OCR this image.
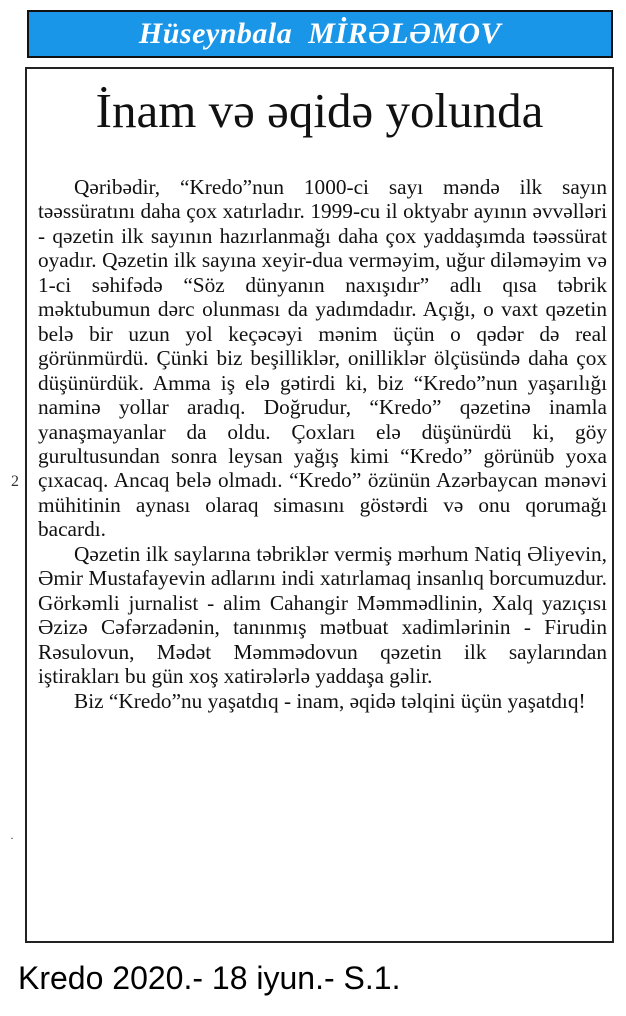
Hüseynbala  MİRƏLƏMOV
İnam və əqidə yolunda

Qəribədir, “Kredo”nun 1000-ci sayı məndə ilk sayın təəssüratını daha çox xatırladır. 1999-cu il oktyabr ayının əvvəlləri - qəzetin ilk sayının hazırlanmağı daha çox yaddaşımda təəssürat oyadır. Qəzetin ilk sayına xeyir-dua verməyim, uğur diləməyim və 1-ci səhifədə “Söz dünyanın naxışıdır” adlı qısa təbrik məktubumun dərc olunması da yadımdadır. Açığı, o vaxt qəzetin belə bir uzun yol keçəcəyi mənim üçün o qədər də real görünmürdü. Çünki biz beşilliklər, onilliklər ölçüsündə daha çox düşünürdük. Amma iş elə gətirdi ki, biz “Kredo”nun yaşarılığı naminə yollar aradıq. Doğrudur, “Kredo” qəzetinə inamla yanaşmayanlar da oldu. Çoxları elə düşünürdü ki, göy gurultusundan sonra leysan yağış kimi “Kredo” görünüb yoxa çıxacaq. Ancaq belə olmadı. “Kredo” özünün Azərbaycan mənəvi mühitinin aynası olaraq simasını göstərdi və onu qorumağı bacardı.

Qəzetin ilk saylarına təbriklər vermiş mərhum Natiq Əliyevin, Əmir Mustafayevin adlarını indi xatırlamaq insanlıq borcumuzdur. Görkəmli jurnalist - alim Cahangir Məmmədlinin, Xalq yazıçısı Əzizə Cəfərzadənin, tanınmış mətbuat xadimlərinin - Firudin Rəsulovun, Mədət Məmmədovun qəzetin ilk saylarından iştirakları bu gün xoş xatirələrlə yaddaşa gəlir.

Biz “Kredo”nu yaşatdıq - inam, əqidə təlqini üçün yaşatdıq!

2
·
Kredo 2020.- 18 iyun.- S.1.
